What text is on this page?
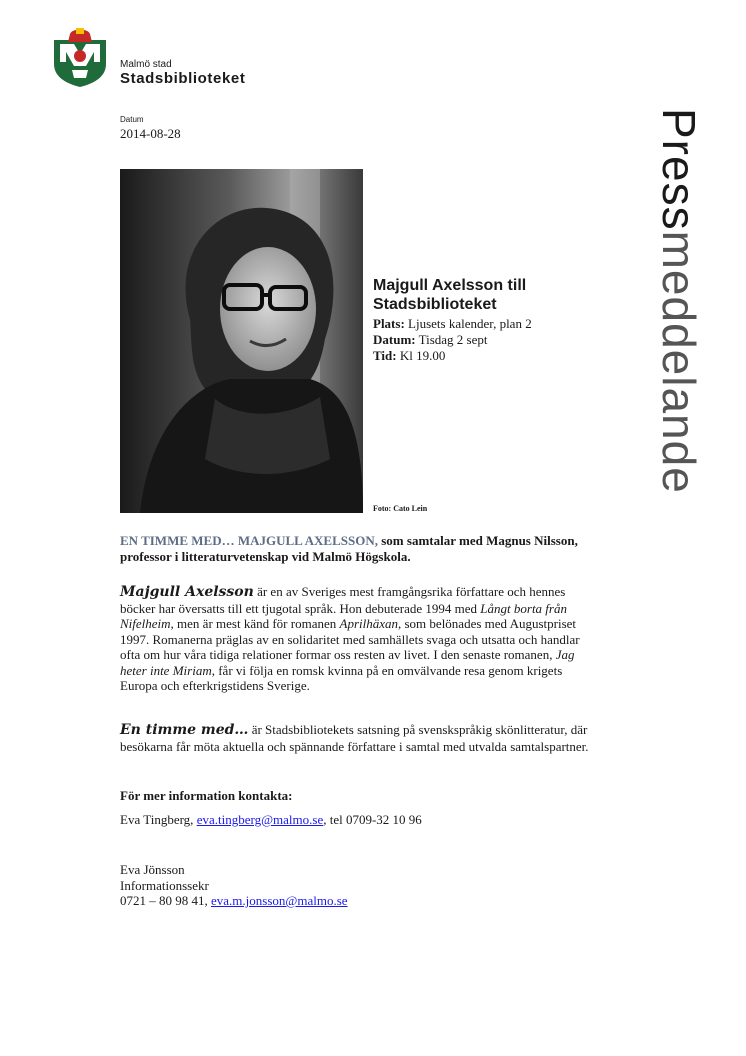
Malmö stad
Stadsbiblioteket
Datum
2014-08-28	Pressmeddelande
Majgull Axelsson till Stadsbiblioteket
Plats: Ljusets kalender, plan 2
Datum: Tisdag 2 sept
Tid: Kl 19.00
Foto: Cato Lein
EN TIMME MED… MAJGULL AXELSSON, som samtalar med Magnus Nilsson, professor i litteraturvetenskap vid Malmö Högskola.
Majgull Axelsson är en av Sveriges mest framgångsrika författare och hennes böcker har översatts till ett tjugotal språk. Hon debuterade 1994 med Långt borta från Nifelheim, men är mest känd för romanen Aprilhäxan, som belönades med Augustpriset 1997. Romanerna präglas av en solidaritet med samhällets svaga och utsatta och handlar ofta om hur våra tidiga relationer formar oss resten av livet. I den senaste romanen, Jag heter inte Miriam, får vi följa en romsk kvinna på en omvälvande resa genom krigets Europa och efterkrigstidens Sverige.
En timme med… är Stadsbibliotekets satsning på svenskspråkig skönlitteratur, där besökarna får möta aktuella och spännande författare i samtal med utvalda samtalspartner.
För mer information kontakta:
Eva Tingberg, eva.tingberg@malmo.se, tel 0709-32 10 96
Eva Jönsson
Informationssekr
0721 – 80 98 41, eva.m.jonsson@malmo.se
